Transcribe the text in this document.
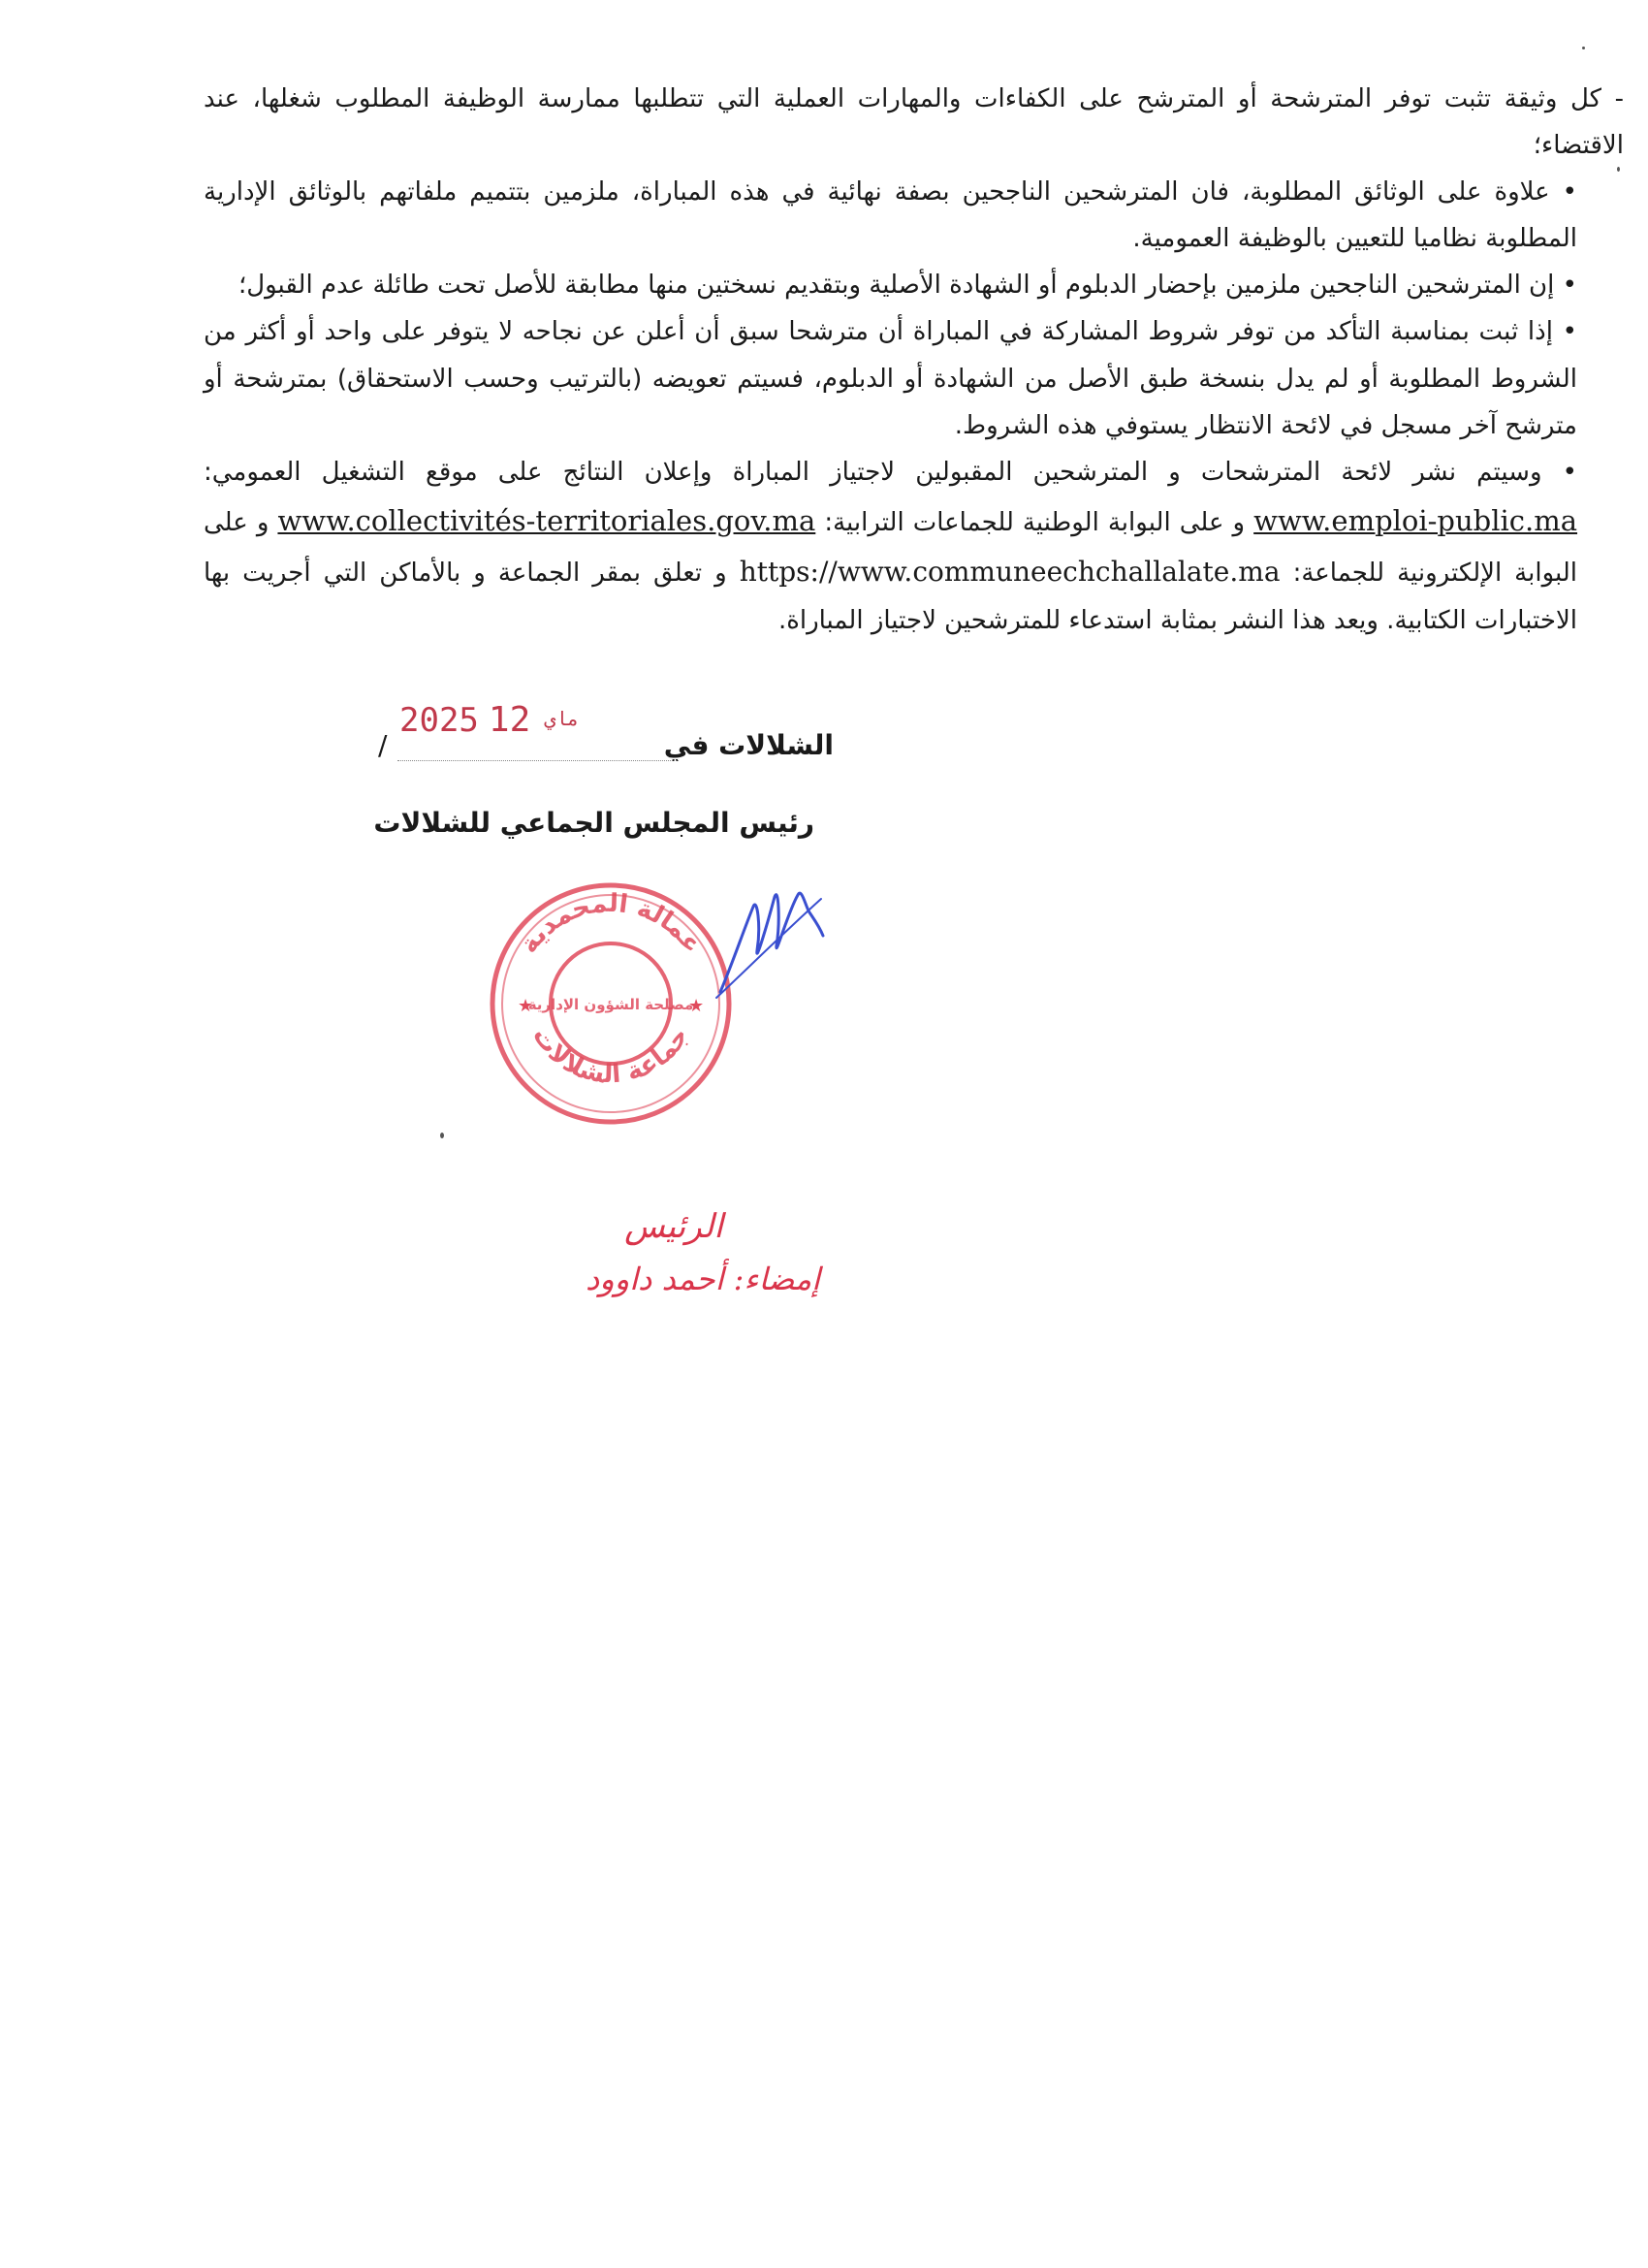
- كل وثيقة تثبت توفر المترشحة أو المترشح على الكفاءات والمهارات العملية التي تتطلبها ممارسة الوظيفة المطلوب شغلها، عند الاقتضاء؛

• علاوة على الوثائق المطلوبة، فان المترشحين الناجحين بصفة نهائية في هذه المباراة، ملزمين بتتميم ملفاتهم بالوثائق الإدارية المطلوبة نظاميا للتعيين بالوظيفة العمومية.

• إن المترشحين الناجحين ملزمين بإحضار الدبلوم أو الشهادة الأصلية وبتقديم نسختين منها مطابقة للأصل تحت طائلة عدم القبول؛

• إذا ثبت بمناسبة التأكد من توفر شروط المشاركة في المباراة أن مترشحا سبق أن أعلن عن نجاحه لا يتوفر على واحد أو أكثر من الشروط المطلوبة أو لم يدل بنسخة طبق الأصل من الشهادة أو الدبلوم، فسيتم تعويضه (بالترتيب وحسب الاستحقاق) بمترشحة أو مترشح آخر مسجل في لائحة الانتظار يستوفي هذه الشروط.

• وسيتم نشر لائحة المترشحات و المترشحين المقبولين لاجتياز المباراة وإعلان النتائج على موقع التشغيل العمومي: www.emploi-public.ma و على البوابة الوطنية للجماعات الترابية: www.collectivités-territoriales.gov.ma و على البوابة الإلكترونية للجماعة: https://www.communeechchallalate.ma و تعلق بمقر الجماعة و بالأماكن التي أجريت بها الاختبارات الكتابية. ويعد هذا النشر بمثابة استدعاء للمترشحين لاجتياز المباراة.

الشلالات في
/
2025	ماي12
رئيس المجلس الجماعي للشلالات
عمالة المحمدية
جماعة الشلالات
مصلحة الشؤون الإدارية
★	★
الرئيس
إمضاء: أحمد داوود
